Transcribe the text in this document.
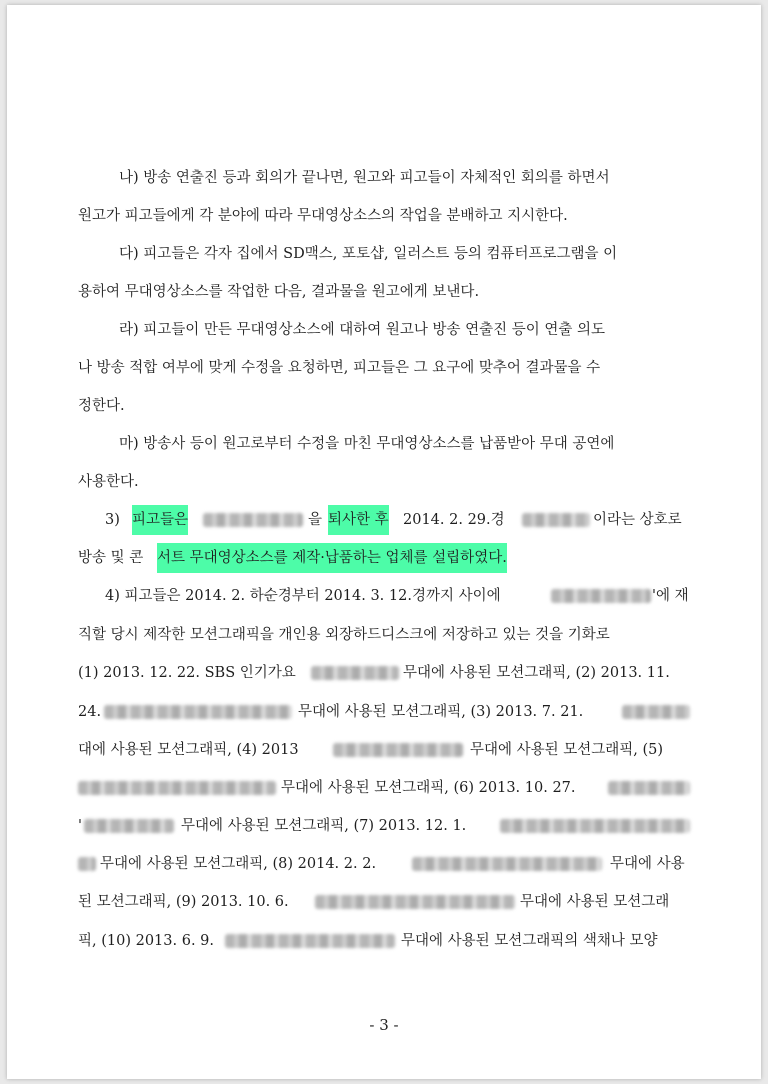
나) 방송 연출진 등과 회의가 끝나면, 원고와 피고들이 자체적인 회의를 하면서
원고가 피고들에게 각 분야에 따라 무대영상소스의 작업을 분배하고 지시한다.
다) 피고들은 각자 집에서 SD맥스, 포토샵, 일러스트 등의 컴퓨터프로그램을 이
용하여 무대영상소스를 작업한 다음, 결과물을 원고에게 보낸다.
라) 피고들이 만든 무대영상소스에 대하여 원고나 방송 연출진 등이 연출 의도
나 방송 적합 여부에 맞게 수정을 요청하면, 피고들은 그 요구에 맞추어 결과물을 수
정한다.
마) 방송사 등이 원고로부터 수정을 마친 무대영상소스를 납품받아 무대 공연에
사용한다.
3) 피고들은	을 퇴사한 후 2014. 2. 29.경	이라는 상호로
방송 및 콘 서트 무대영상소스를 제작·납품하는 업체를 설립하였다.
4) 피고들은 2014. 2. 하순경부터 2014. 3. 12.경까지 사이에	'에 재
직할 당시 제작한 모션그래픽을 개인용 외장하드디스크에 저장하고 있는 것을 기화로
(1) 2013. 12. 22. SBS 인기가요	무대에 사용된 모션그래픽, (2) 2013. 11.
24.	무대에 사용된 모션그래픽, (3) 2013. 7. 21.
대에 사용된 모션그래픽, (4) 2013	무대에 사용된 모션그래픽, (5)
무대에 사용된 모션그래픽, (6) 2013. 10. 27.
'	무대에 사용된 모션그래픽, (7) 2013. 12. 1.
무대에 사용된 모션그래픽, (8) 2014. 2. 2.	무대에 사용
된 모션그래픽, (9) 2013. 10. 6.	무대에 사용된 모션그래
픽, (10) 2013. 6. 9.	무대에 사용된 모션그래픽의 색채나 모양
- 3 -
